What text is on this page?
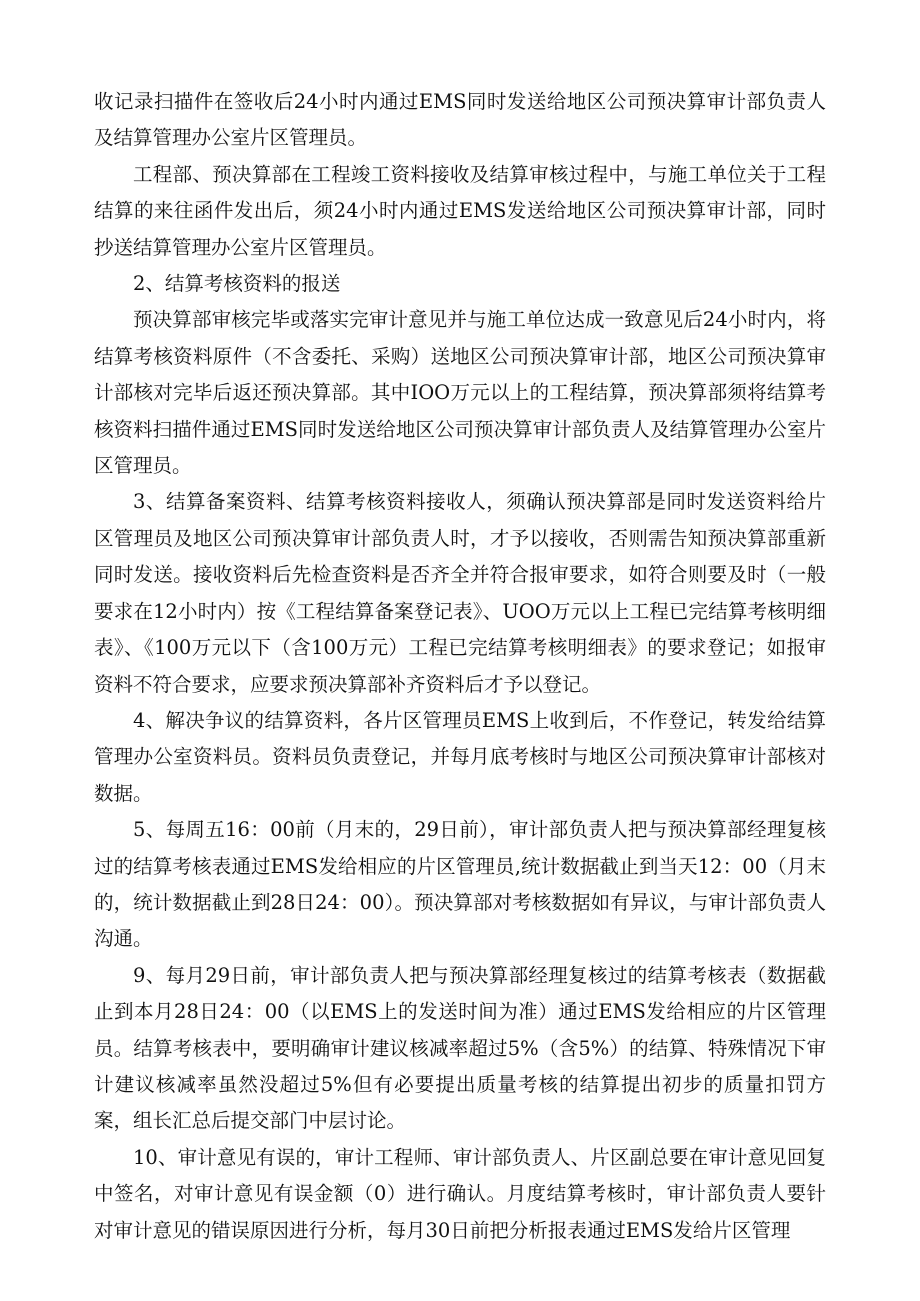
收记录扫描件在签收后24小时内通过EMS同时发送给地区公司预决算审计部负责人及结算管理办公室片区管理员。

工程部、预决算部在工程竣工资料接收及结算审核过程中，与施工单位关于工程结算的来往函件发出后，须24小时内通过EMS发送给地区公司预决算审计部，同时抄送结算管理办公室片区管理员。

2、结算考核资料的报送

预决算部审核完毕或落实完审计意见并与施工单位达成一致意见后24小时内，将结算考核资料原件（不含委托、采购）送地区公司预决算审计部，地区公司预决算审计部核对完毕后返还预决算部。其中IOO万元以上的工程结算，预决算部须将结算考核资料扫描件通过EMS同时发送给地区公司预决算审计部负责人及结算管理办公室片区管理员。

3、结算备案资料、结算考核资料接收人，须确认预决算部是同时发送资料给片区管理员及地区公司预决算审计部负责人时，才予以接收，否则需告知预决算部重新同时发送。接收资料后先检查资料是否齐全并符合报审要求，如符合则要及时（一般要求在12小时内）按《工程结算备案登记表》、UOO万元以上工程已完结算考核明细表》、《100万元以下（含100万元）工程已完结算考核明细表》的要求登记；如报审资料不符合要求，应要求预决算部补齐资料后才予以登记。

4、解决争议的结算资料，各片区管理员EMS上收到后，不作登记，转发给结算管理办公室资料员。资料员负责登记，并每月底考核时与地区公司预决算审计部核对数据。

5、每周五16：00前（月末的，29日前），审计部负责人把与预决算部经理复核过的结算考核表通过EMS发给相应的片区管理员,统计数据截止到当天12：00（月末的，统计数据截止到28日24：00）。预决算部对考核数据如有异议，与审计部负责人沟通。

9、每月29日前，审计部负责人把与预决算部经理复核过的结算考核表（数据截止到本月28日24：00（以EMS上的发送时间为准）通过EMS发给相应的片区管理员。结算考核表中，要明确审计建议核减率超过5%（含5%）的结算、特殊情况下审计建议核减率虽然没超过5%但有必要提出质量考核的结算提出初步的质量扣罚方案，组长汇总后提交部门中层讨论。

10、审计意见有误的，审计工程师、审计部负责人、片区副总要在审计意见回复中签名，对审计意见有误金额（0）进行确认。月度结算考核时，审计部负责人要针对审计意见的错误原因进行分析，每月30日前把分析报表通过EMS发给片区管理
